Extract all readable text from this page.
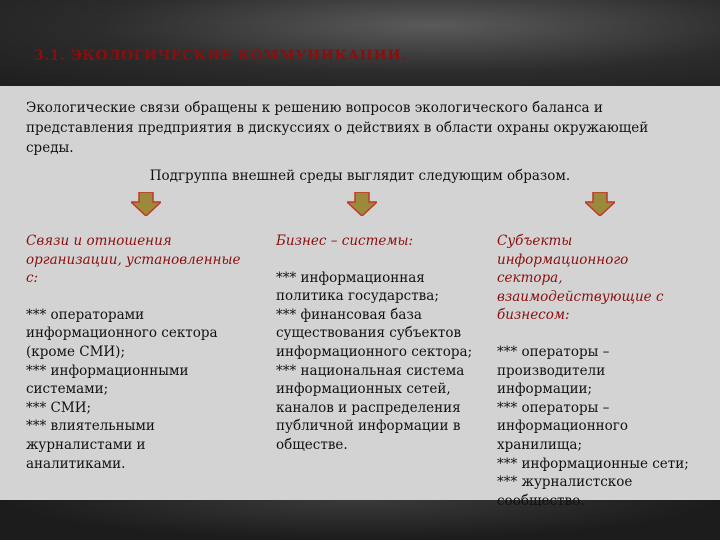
3.1. ЭКОЛОГИЧЕСКИЕ КОММУНИКАЦИИ.
Экологические связи обращены к решению вопросов экологического баланса и представления предприятия в дискуссиях о действиях в области охраны окружающей среды.
Подгруппа внешней среды выглядит следующим образом.
Связи и отношения организации, установленные с:
*** операторами информационного сектора (кроме СМИ);
*** информационными системами;
*** СМИ;
*** влиятельными журналистами и аналитиками.
Бизнес – системы:
*** информационная политика государства;
*** финансовая база существования субъектов информационного сектора;
*** национальная система информационных сетей, каналов и распределения публичной информации в обществе.
Субъекты информационного сектора, взаимодействующие с бизнесом:
*** операторы – производители информации;
*** операторы – информационного хранилища;
*** информационные сети;
*** журналистское сообщество.
